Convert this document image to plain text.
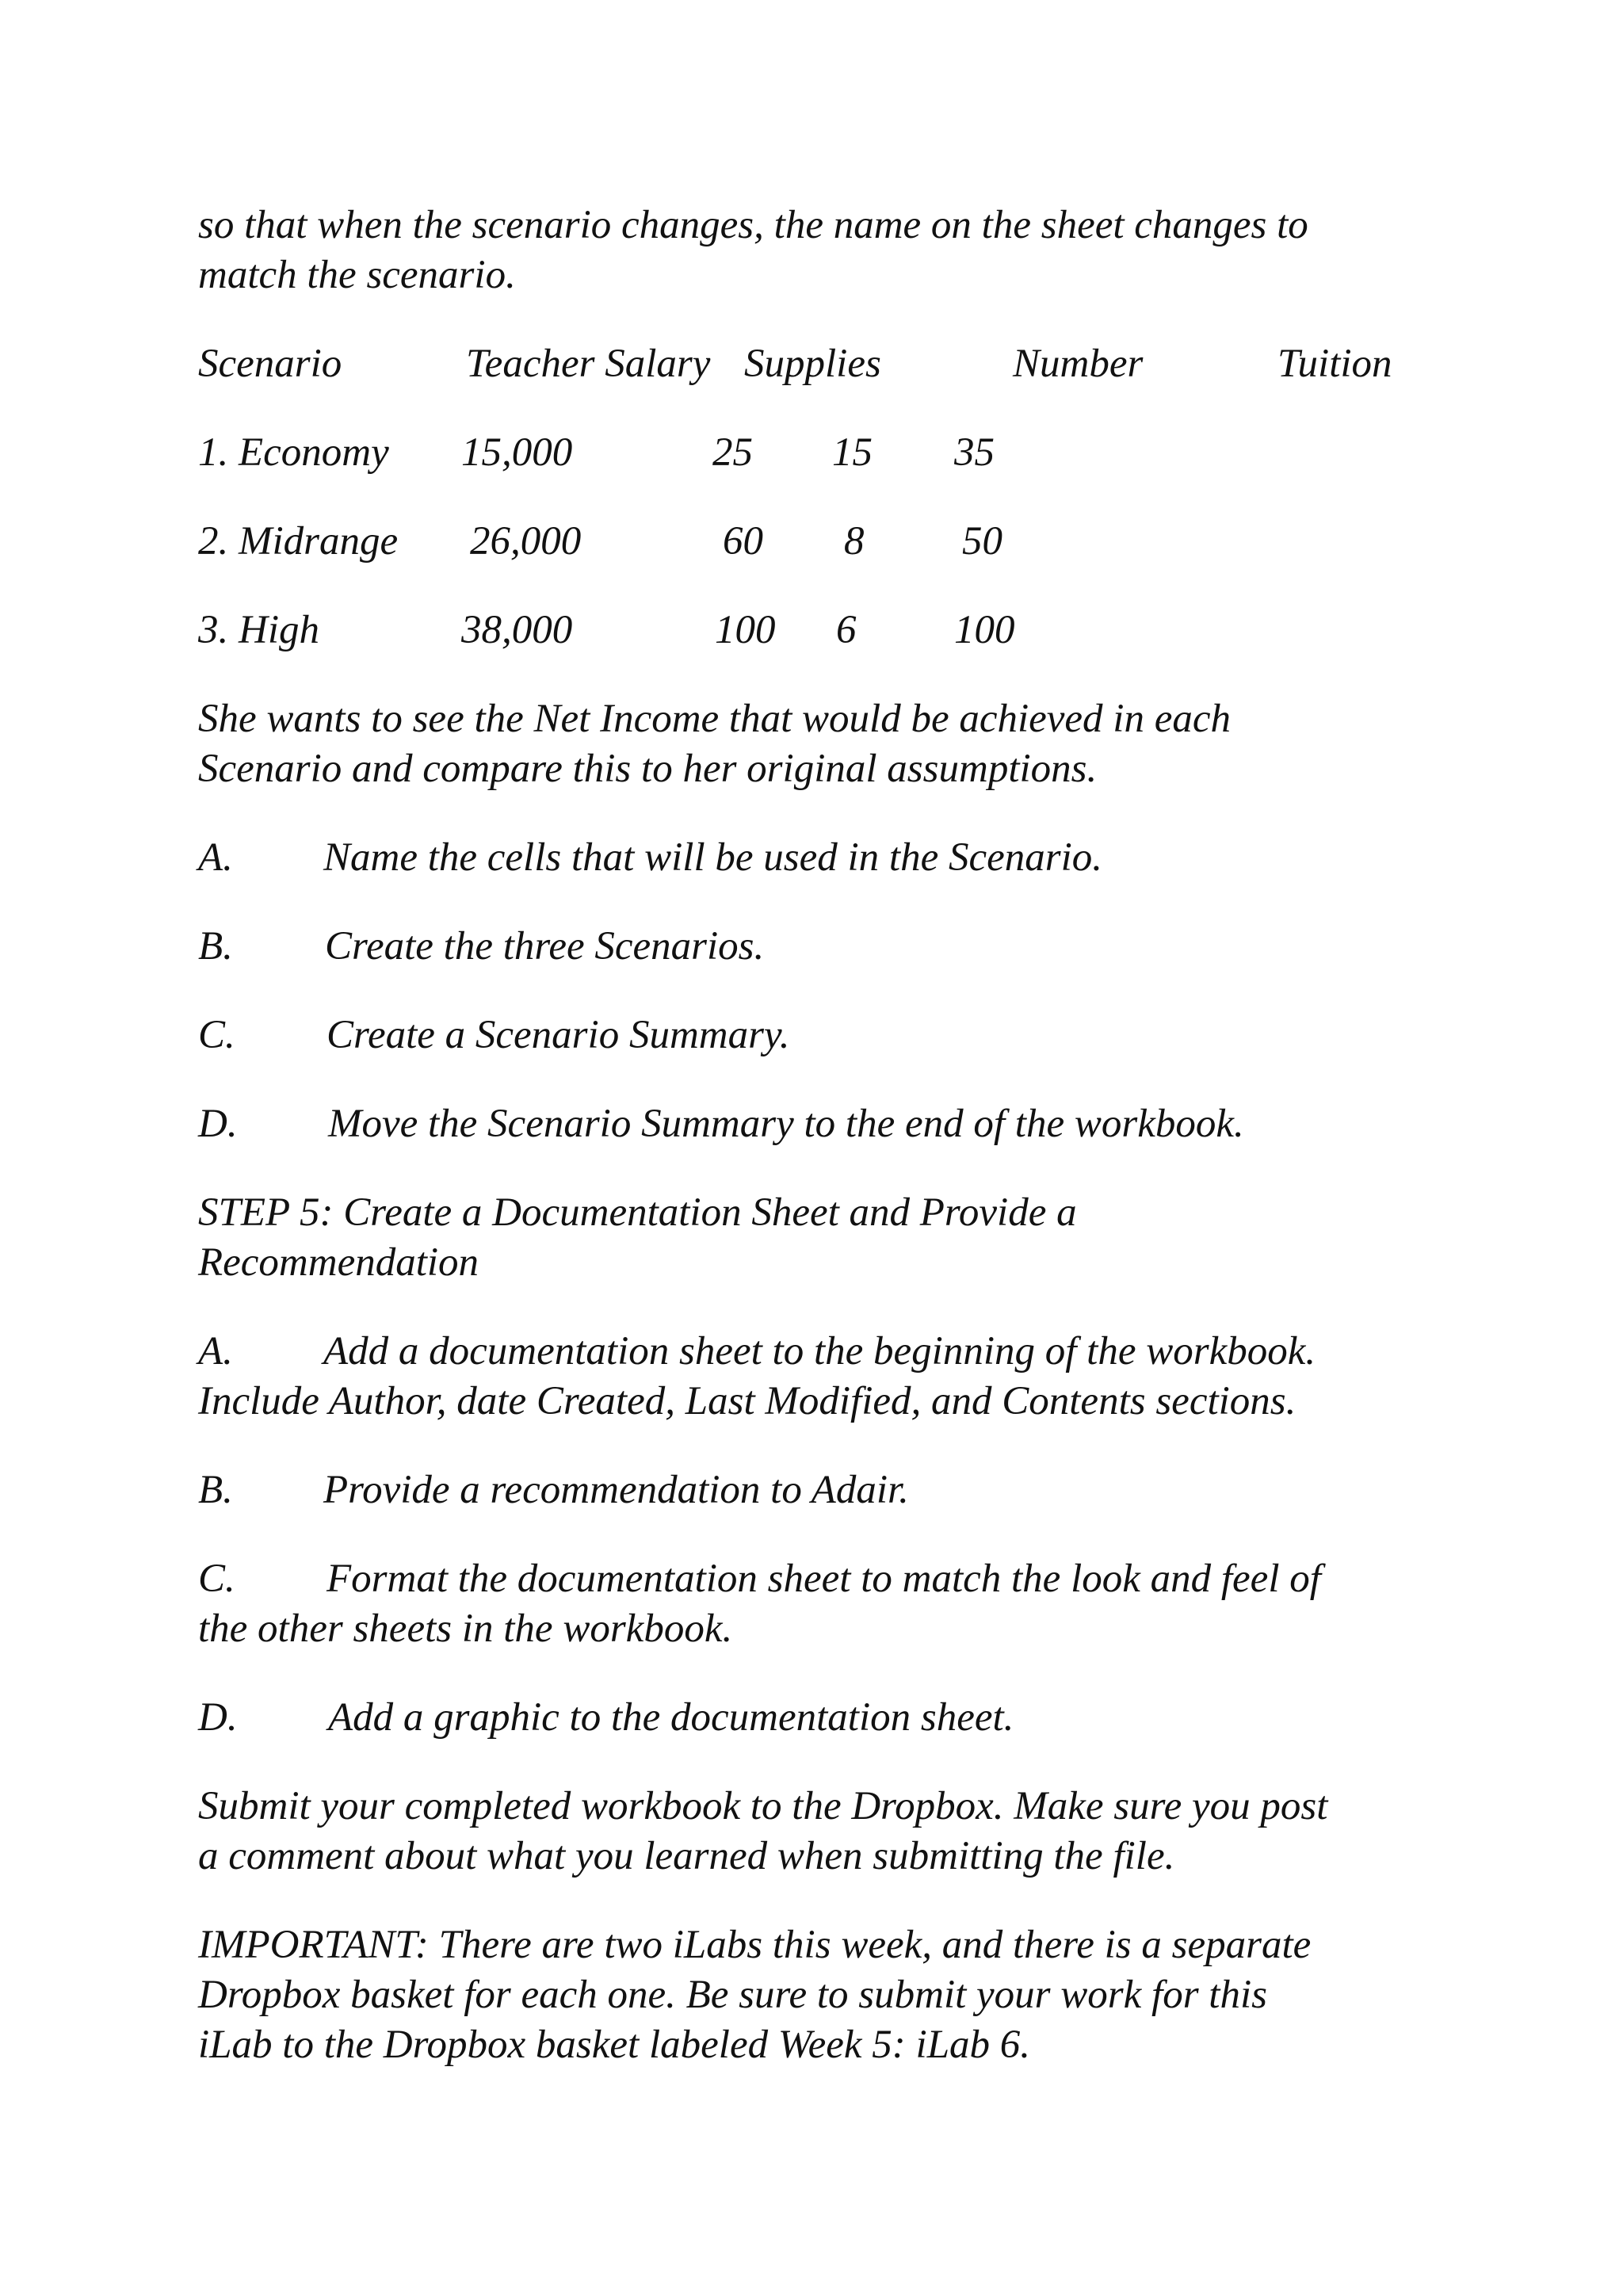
so that when the scenario changes, the name on the sheet changes to
match the scenario.
Scenario	Teacher Salary Supplies	Number	Tuition
1. Economy 15,000	25 15 35
2. Midrange 26,000	60 8 50
3. High	38,000	100 6 100
She wants to see the Net Income that would be achieved in each
Scenario and compare this to her original assumptions.
A. Name the cells that will be used in the Scenario.
B. Create the three Scenarios.
C. Create a Scenario Summary.
D. Move the Scenario Summary to the end of the workbook.
STEP 5: Create a Documentation Sheet and Provide a
Recommendation
A. Add a documentation sheet to the beginning of the workbook.
Include Author, date Created, Last Modified, and Contents sections.
B. Provide a recommendation to Adair.
C. Format the documentation sheet to match the look and feel of
the other sheets in the workbook.
D. Add a graphic to the documentation sheet.
Submit your completed workbook to the Dropbox. Make sure you post
a comment about what you learned when submitting the file.
IMPORTANT: There are two iLabs this week, and there is a separate
Dropbox basket for each one. Be sure to submit your work for this
iLab to the Dropbox basket labeled Week 5: iLab 6.
